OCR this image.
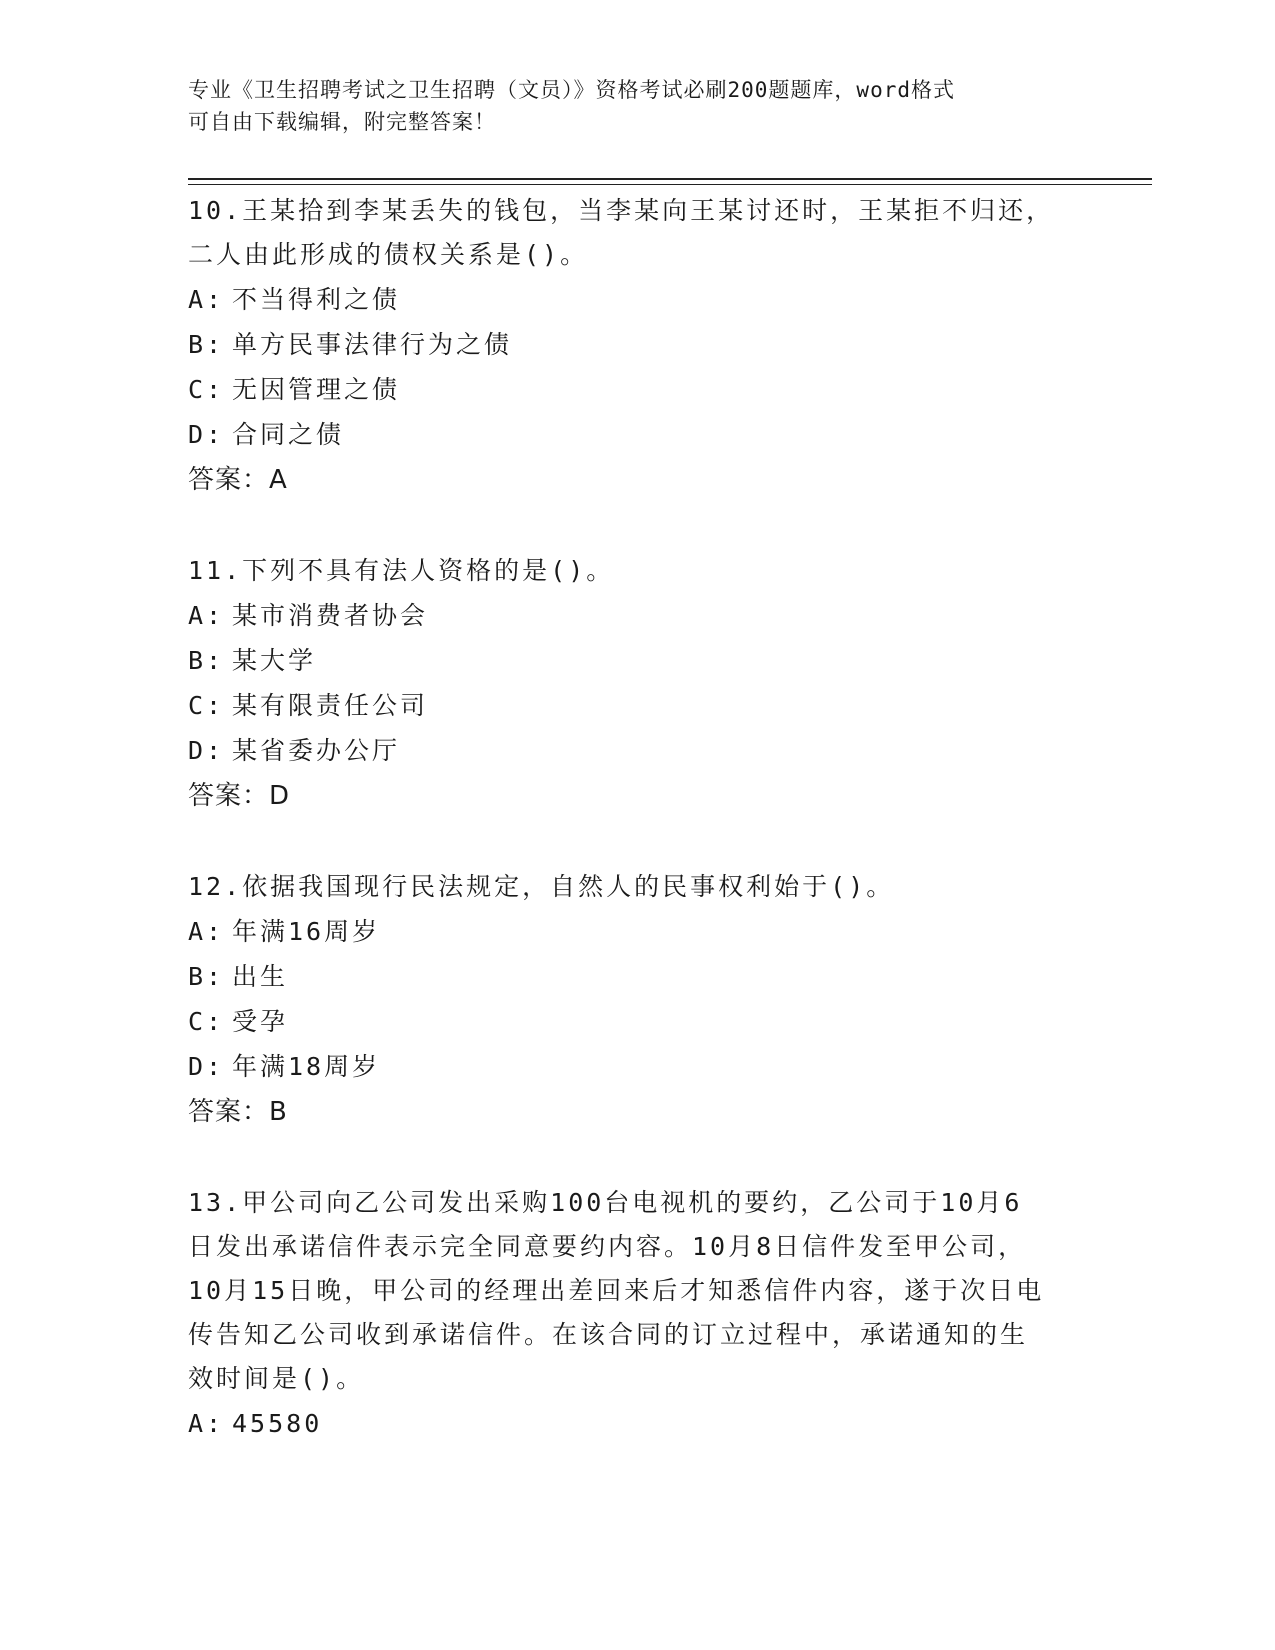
专业《卫生招聘考试之卫生招聘（文员）》资格考试必刷200题题库，word格式
可自由下载编辑，附完整答案！
10.王某拾到李某丢失的钱包，当李某向王某讨还时，王某拒不归还，
二人由此形成的债权关系是()。
A: 不当得利之债
B: 单方民事法律行为之债
C: 无因管理之债
D: 合同之债
答案：A
11.下列不具有法人资格的是()。
A: 某市消费者协会
B: 某大学
C: 某有限责任公司
D: 某省委办公厅
答案：D
12.依据我国现行民法规定，自然人的民事权利始于()。
A: 年满16周岁
B: 出生
C: 受孕
D: 年满18周岁
答案：B
13.甲公司向乙公司发出采购100台电视机的要约，乙公司于10月6
日发出承诺信件表示完全同意要约内容。10月8日信件发至甲公司，
10月15日晚，甲公司的经理出差回来后才知悉信件内容，遂于次日电
传告知乙公司收到承诺信件。在该合同的订立过程中，承诺通知的生
效时间是()。
A: 45580
